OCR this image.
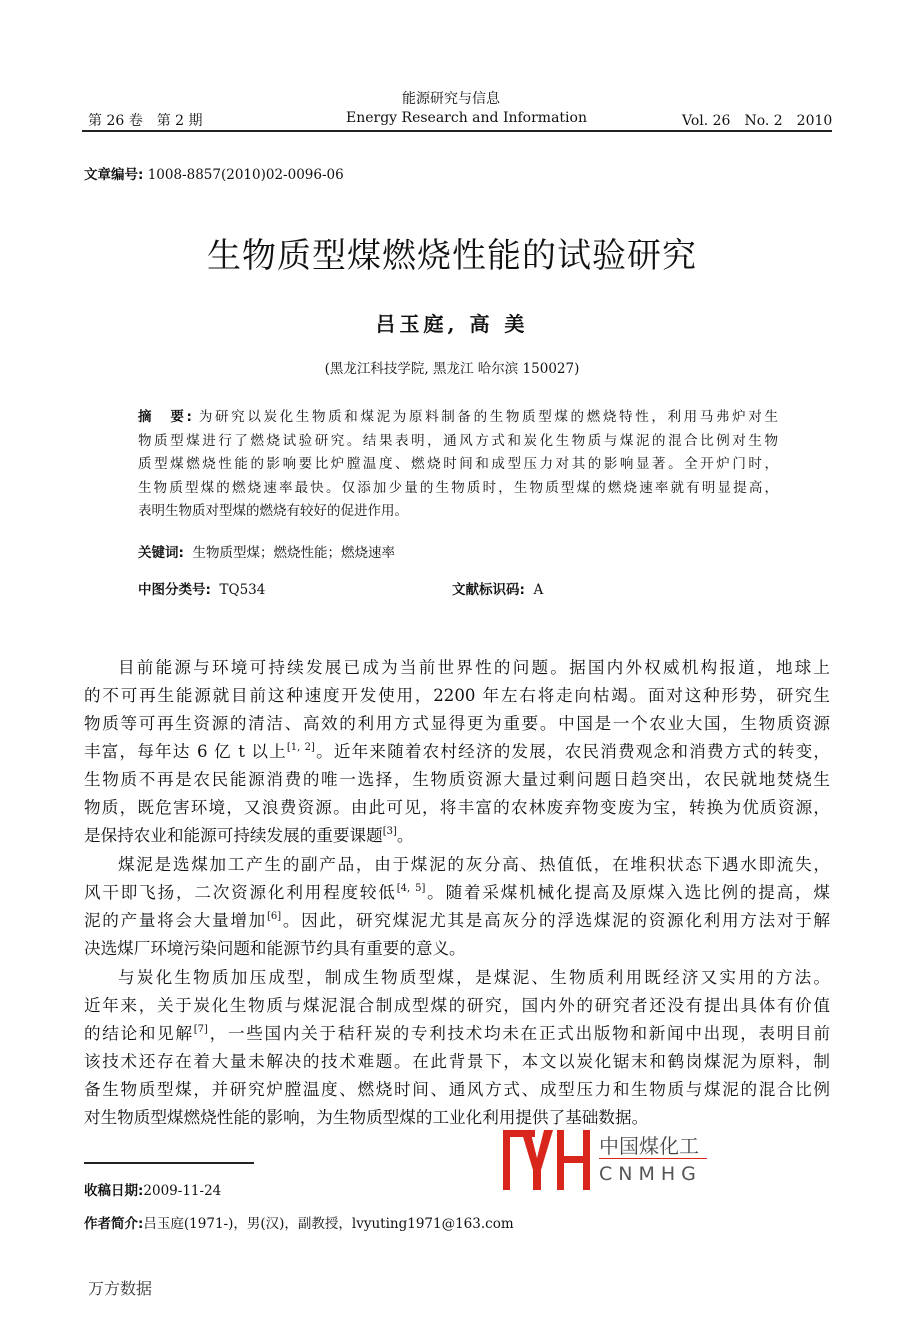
能源研究与信息
第 26 卷　第 2 期	Energy Research and Information	Vol. 26　No. 2　2010
文章编号: 1008-8857(2010)02-0096-06
生物质型煤燃烧性能的试验研究
吕玉庭, 高 美
(黑龙江科技学院, 黑龙江 哈尔滨 150027)
摘　要: 为研究以炭化生物质和煤泥为原料制备的生物质型煤的燃烧特性，利用马弗炉对生
物质型煤进行了燃烧试验研究。结果表明，通风方式和炭化生物质与煤泥的混合比例对生物
质型煤燃烧性能的影响要比炉膛温度、燃烧时间和成型压力对其的影响显著。全开炉门时，
生物质型煤的燃烧速率最快。仅添加少量的生物质时，生物质型煤的燃烧速率就有明显提高，
表明生物质对型煤的燃烧有较好的促进作用。
关键词: 生物质型煤；燃烧性能；燃烧速率
中图分类号: TQ534	文献标识码: A
目前能源与环境可持续发展已成为当前世界性的问题。据国内外权威机构报道，地球上
的不可再生能源就目前这种速度开发使用，2200 年左右将走向枯竭。面对这种形势，研究生
物质等可再生资源的清洁、高效的利用方式显得更为重要。中国是一个农业大国，生物质资源
丰富，每年达 6 亿 t 以上[1, 2]。近年来随着农村经济的发展，农民消费观念和消费方式的转变，
生物质不再是农民能源消费的唯一选择，生物质资源大量过剩问题日趋突出，农民就地焚烧生
物质，既危害环境，又浪费资源。由此可见，将丰富的农林废弃物变废为宝，转换为优质资源，
是保持农业和能源可持续发展的重要课题[3]。
煤泥是选煤加工产生的副产品，由于煤泥的灰分高、热值低，在堆积状态下遇水即流失，
风干即飞扬，二次资源化利用程度较低[4, 5]。随着采煤机械化提高及原煤入选比例的提高，煤
泥的产量将会大量增加[6]。因此，研究煤泥尤其是高灰分的浮选煤泥的资源化利用方法对于解
决选煤厂环境污染问题和能源节约具有重要的意义。
与炭化生物质加压成型，制成生物质型煤，是煤泥、生物质利用既经济又实用的方法。
近年来，关于炭化生物质与煤泥混合制成型煤的研究，国内外的研究者还没有提出具体有价值
的结论和见解[7]，一些国内关于秸秆炭的专利技术均未在正式出版物和新闻中出现，表明目前
该技术还存在着大量未解决的技术难题。在此背景下，本文以炭化锯末和鹤岗煤泥为原料，制
备生物质型煤，并研究炉膛温度、燃烧时间、通风方式、成型压力和生物质与煤泥的混合比例
对生物质型煤燃烧性能的影响，为生物质型煤的工业化利用提供了基础数据。
收稿日期:2009-11-24
作者简介:吕玉庭(1971-)，男(汉)，副教授，lvyuting1971@163.com
中国煤化工
CNMHG
万方数据
